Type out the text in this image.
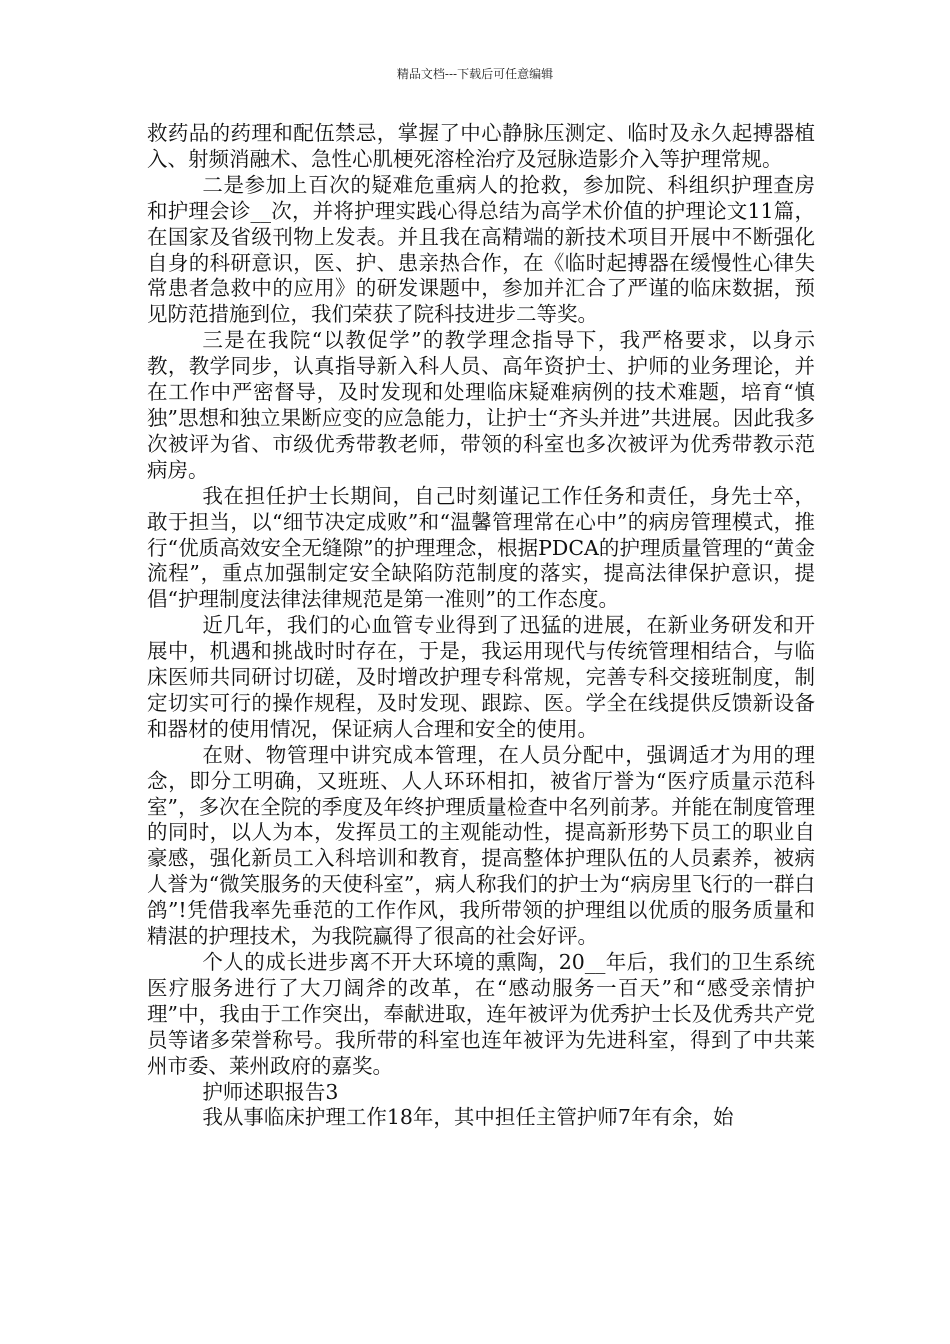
精品文档---下载后可任意编辑

救药品的药理和配伍禁忌，掌握了中心静脉压测定、临时及永久起搏器植入、射频消融术、急性心肌梗死溶栓治疗及冠脉造影介入等护理常规。

二是参加上百次的疑难危重病人的抢救，参加院、科组织护理查房和护理会诊__次，并将护理实践心得总结为高学术价值的护理论文11篇，在国家及省级刊物上发表。并且我在高精端的新技术项目开展中不断强化自身的科研意识，医、护、患亲热合作，在《临时起搏器在缓慢性心律失常患者急救中的应用》的研发课题中，参加并汇合了严谨的临床数据，预见防范措施到位，我们荣获了院科技进步二等奖。

三是在我院“以教促学”的教学理念指导下，我严格要求，以身示教，教学同步，认真指导新入科人员、高年资护士、护师的业务理论，并在工作中严密督导，及时发现和处理临床疑难病例的技术难题，培育“慎独”思想和独立果断应变的应急能力，让护士“齐头并进”共进展。因此我多次被评为省、市级优秀带教老师，带领的科室也多次被评为优秀带教示范病房。

我在担任护士长期间，自己时刻谨记工作任务和责任，身先士卒，敢于担当，以“细节决定成败”和“温馨管理常在心中”的病房管理模式，推行“优质高效安全无缝隙”的护理理念，根据PDCA的护理质量管理的“黄金流程”，重点加强制定安全缺陷防范制度的落实，提高法律保护意识，提倡“护理制度法律法律规范是第一准则”的工作态度。

近几年，我们的心血管专业得到了迅猛的进展，在新业务研发和开展中，机遇和挑战时时存在，于是，我运用现代与传统管理相结合，与临床医师共同研讨切磋，及时增改护理专科常规，完善专科交接班制度，制定切实可行的操作规程，及时发现、跟踪、医。学全在线提供反馈新设备和器材的使用情况，保证病人合理和安全的使用。

在财、物管理中讲究成本管理，在人员分配中，强调适才为用的理念，即分工明确，又班班、人人环环相扣，被省厅誉为“医疗质量示范科室”，多次在全院的季度及年终护理质量检查中名列前茅。并能在制度管理的同时，以人为本，发挥员工的主观能动性，提高新形势下员工的职业自豪感，强化新员工入科培训和教育，提高整体护理队伍的人员素养，被病人誉为“微笑服务的天使科室”，病人称我们的护士为“病房里飞行的一群白鸽”!凭借我率先垂范的工作作风，我所带领的护理组以优质的服务质量和精湛的护理技术，为我院赢得了很高的社会好评。

个人的成长进步离不开大环境的熏陶，20__年后，我们的卫生系统医疗服务进行了大刀阔斧的改革，在“感动服务一百天”和“感受亲情护理”中，我由于工作突出，奉献进取，连年被评为优秀护士长及优秀共产党员等诸多荣誉称号。我所带的科室也连年被评为先进科室，得到了中共莱州市委、莱州政府的嘉奖。

护师述职报告3

我从事临床护理工作18年，其中担任主管护师7年有余，始
